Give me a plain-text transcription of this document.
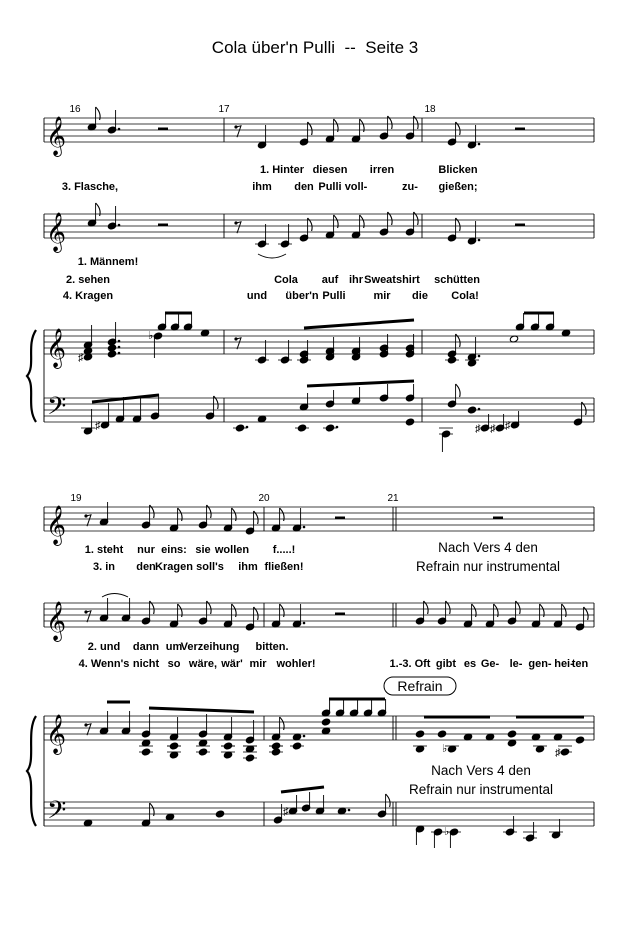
Cola über'n Pulli  --  Seite 3
𝄞
𝄞
𝄞
𝄢
16	17	18
♯
♭
♯	♯ ♯ ♯
1. Hinter diesen irren	Blicken
3. Flasche,	ihm den Pulli voll-	zu- gießen;
1. Männem!
2. sehen	Cola auf ihr Sweatshirt schütten
4. Kragen	und über'n Pulli	mir die Cola!
𝄞
𝄞
𝄞
𝄢
19	20	21
♭	♯
Refrain
♯
♭
1. steht nur eins: sie wollen f.....!
3. in den Kragen soll's ihm fließen!
2. und dann um
Verzeihung bitten.
4. Wenn's nicht so wäre, wär' mir wohler!	1.-3. Oft gibt es Ge- le- gen- hei-
ten
Nach Vers 4 den
Refrain nur instrumental
Nach Vers 4 den
Refrain nur instrumental
